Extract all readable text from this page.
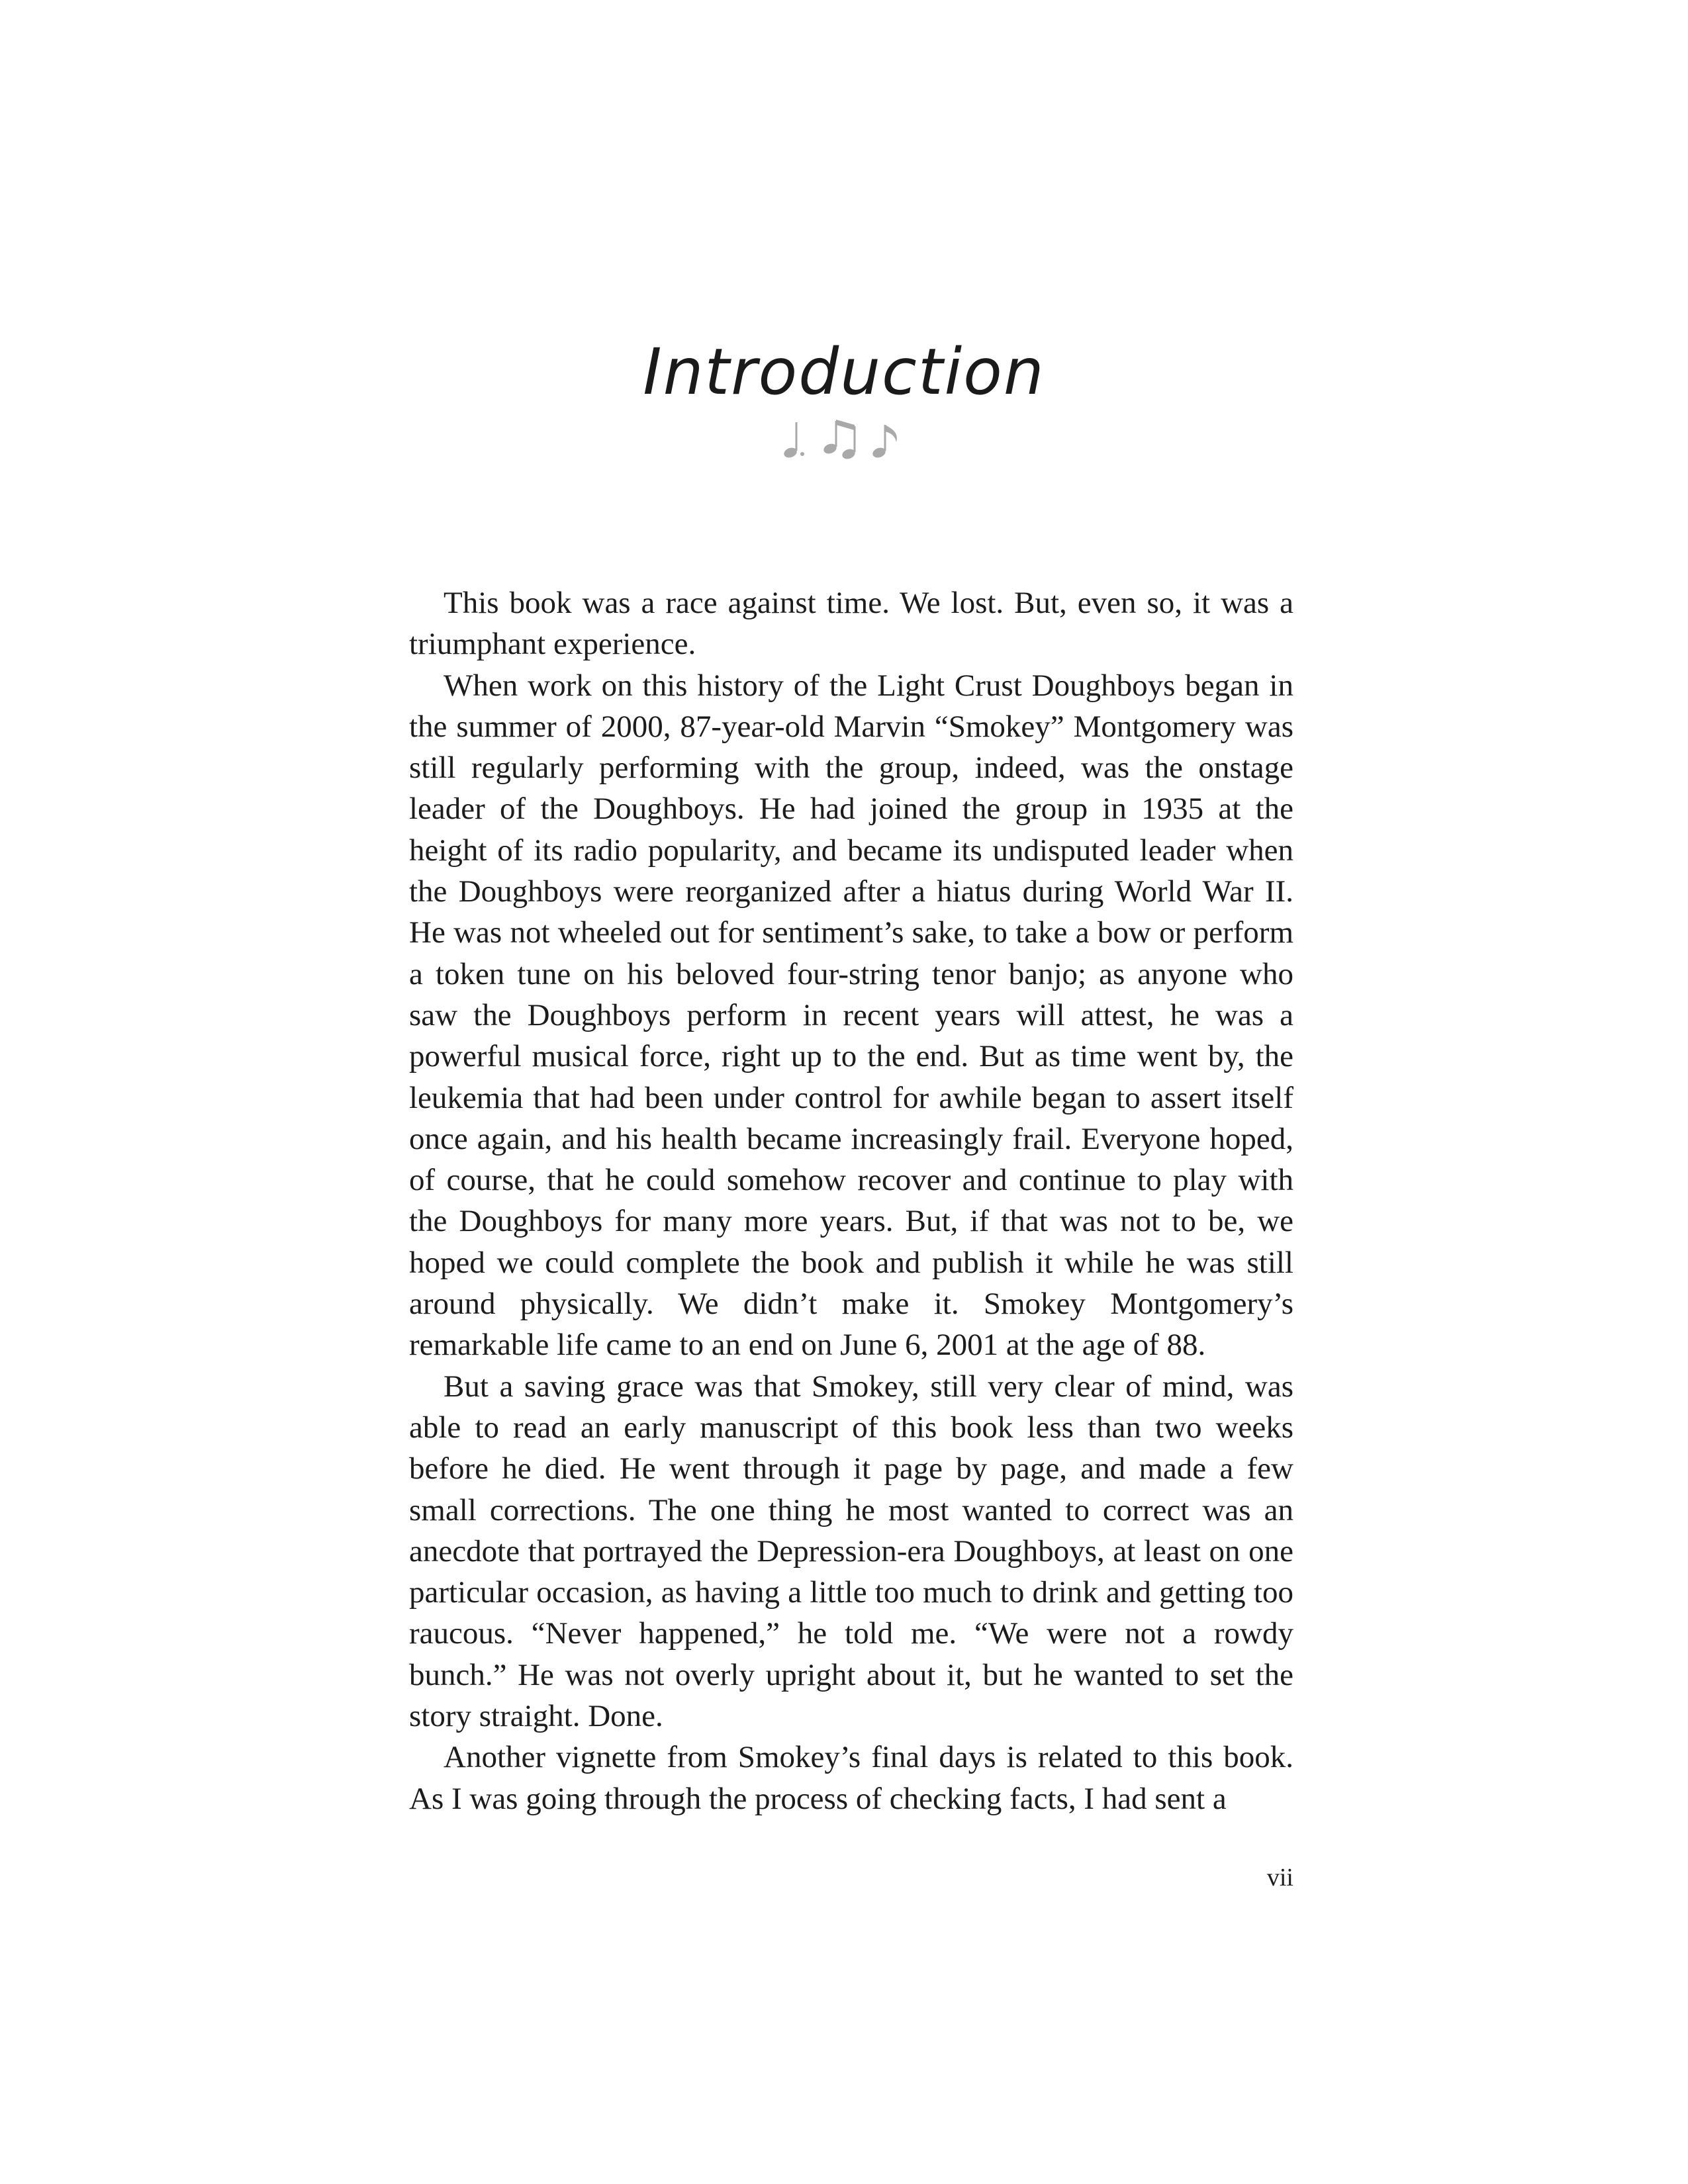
Introduction

This book was a race against time. We lost. But, even so, it was a triumphant experience.

When work on this history of the Light Crust Doughboys began in the summer of 2000, 87-year-old Marvin “Smokey” Montgomery was still regularly performing with the group, indeed, was the onstage leader of the Doughboys. He had joined the group in 1935 at the height of its radio popularity, and became its undisputed leader when the Doughboys were reorganized after a hiatus during World War II. He was not wheeled out for sentiment’s sake, to take a bow or perform a token tune on his beloved four-string tenor banjo; as anyone who saw the Doughboys perform in recent years will attest, he was a powerful musical force, right up to the end. But as time went by, the leukemia that had been under control for awhile began to assert itself once again, and his health became increasingly frail. Everyone hoped, of course, that he could somehow recover and continue to play with the Doughboys for many more years. But, if that was not to be, we hoped we could complete the book and publish it while he was still around physically. We didn’t make it. Smokey Montgomery’s remarkable life came to an end on June 6, 2001 at the age of 88.

But a saving grace was that Smokey, still very clear of mind, was able to read an early manuscript of this book less than two weeks before he died. He went through it page by page, and made a few small corrections. The one thing he most wanted to correct was an anecdote that portrayed the Depression-era Doughboys, at least on one particular occasion, as having a little too much to drink and getting too raucous. “Never happened,” he told me. “We were not a rowdy bunch.” He was not overly upright about it, but he wanted to set the story straight. Done.

Another vignette from Smokey’s final days is related to this book. As I was going through the process of checking facts, I had sent a

vii
